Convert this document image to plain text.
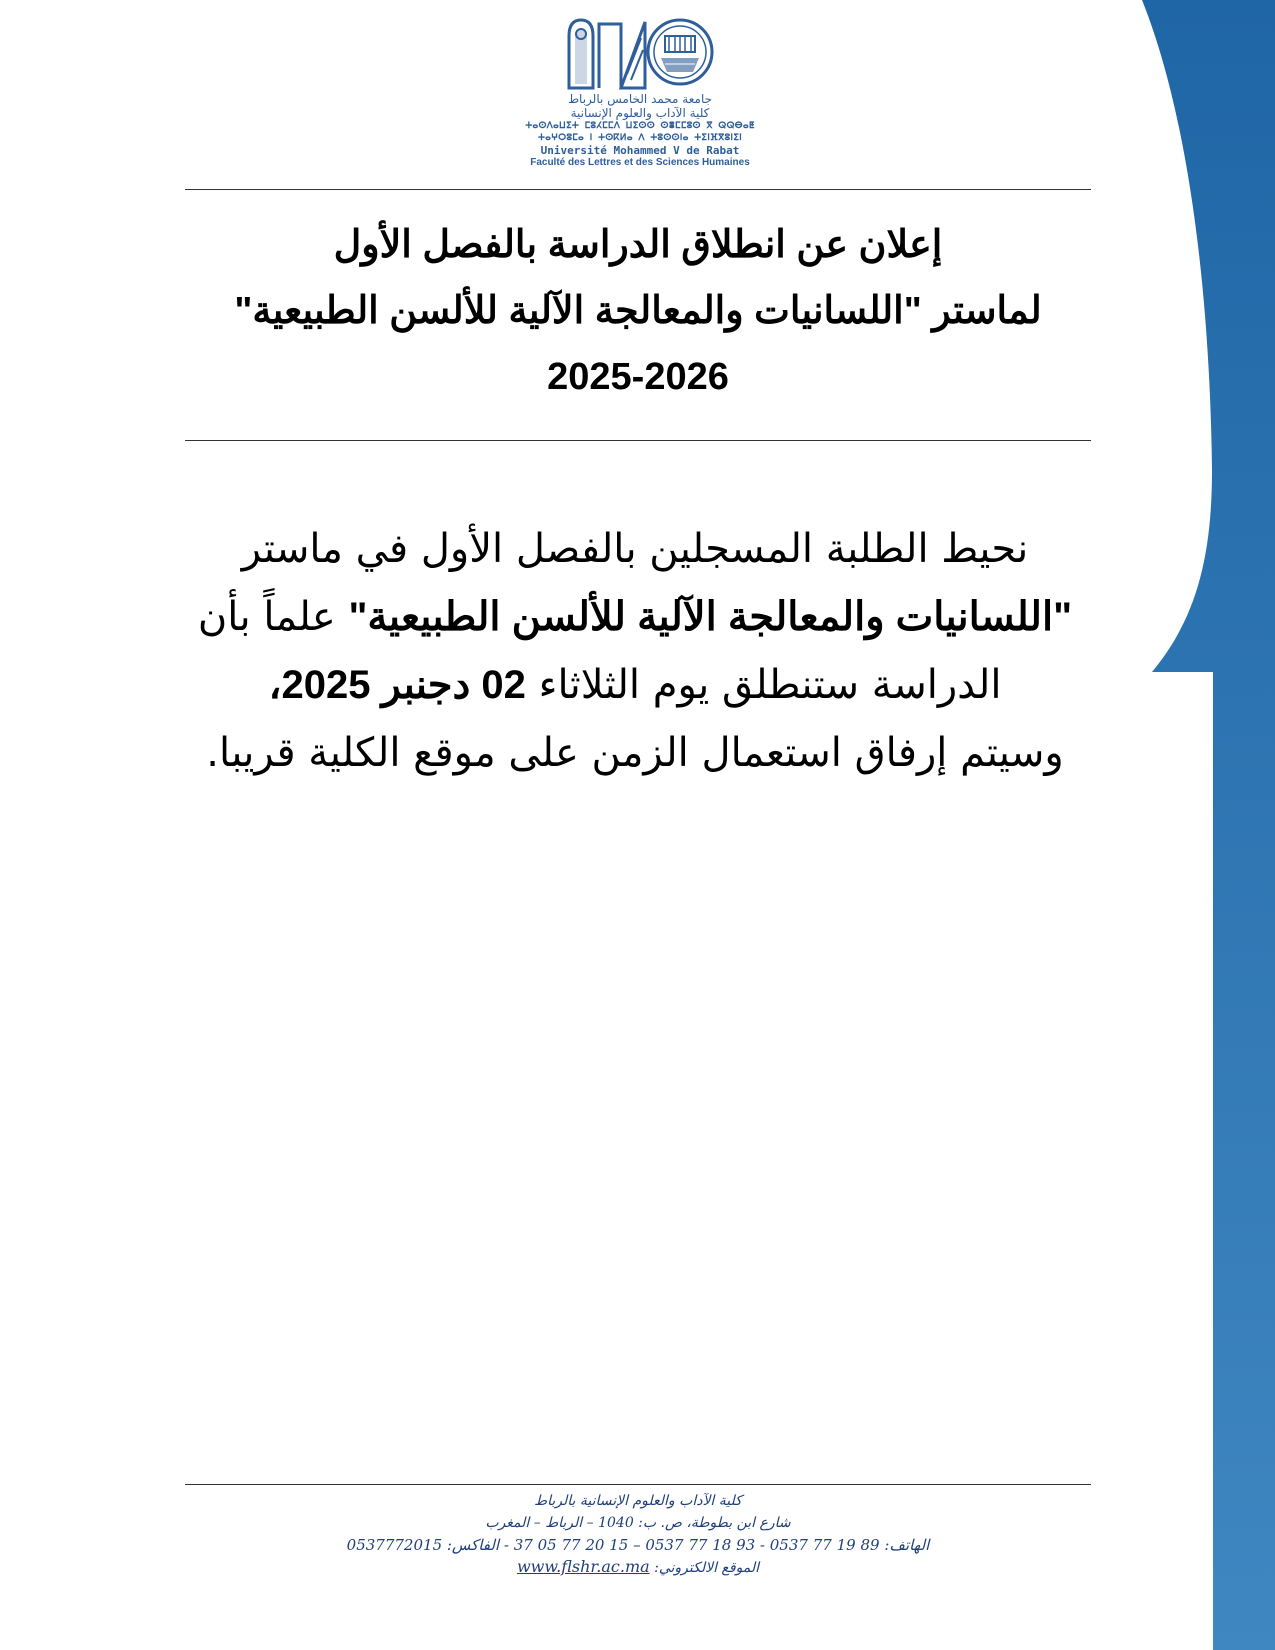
جامعة محمد الخامس بالرباط
كلية الآداب والعلوم الإنسانية
ⵜⴰⵙⴷⴰⵡⵉⵜ ⵎⵓⵃⵎⵎⴷ ⵡⵉⵙⵙ ⵙⴻⵎⵎⵓⵙ ⴳ ⵕⵕⴱⴰⵟ
ⵜⴰⵖⵔⵓⵎⴰ ⵏ ⵜⵙⴽⵍⴰ ⴷ ⵜⵓⵙⵙⵏⴰ ⵜⵉⵏⴼⴳⵓⵏⵉⵏ
Université Mohammed V de Rabat
Faculté des Lettres et des Sciences Humaines
إعلان عن انطلاق الدراسة بالفصل الأول
لماستر "اللسانيات والمعالجة الآلية للألسن الطبيعية"
2025-2026
نحيط الطلبة المسجلين بالفصل الأول في ماستر
"اللسانيات والمعالجة الآلية للألسن الطبيعية" علماً بأن
الدراسة ستنطلق يوم الثلاثاء 02 دجنبر 2025،
وسيتم إرفاق استعمال الزمن على موقع الكلية قريبا.
كلية الآداب والعلوم الإنسانية بالرباط
شارع ابن بطوطة، ص. ب: 1040 – الرباط – المغرب
الهاتف: 89 19 77 0537 - 93 18 77 0537 – 15 20 77 05 37 - الفاكس: 0537772015
الموقع الالكتروني: www.flshr.ac.ma
